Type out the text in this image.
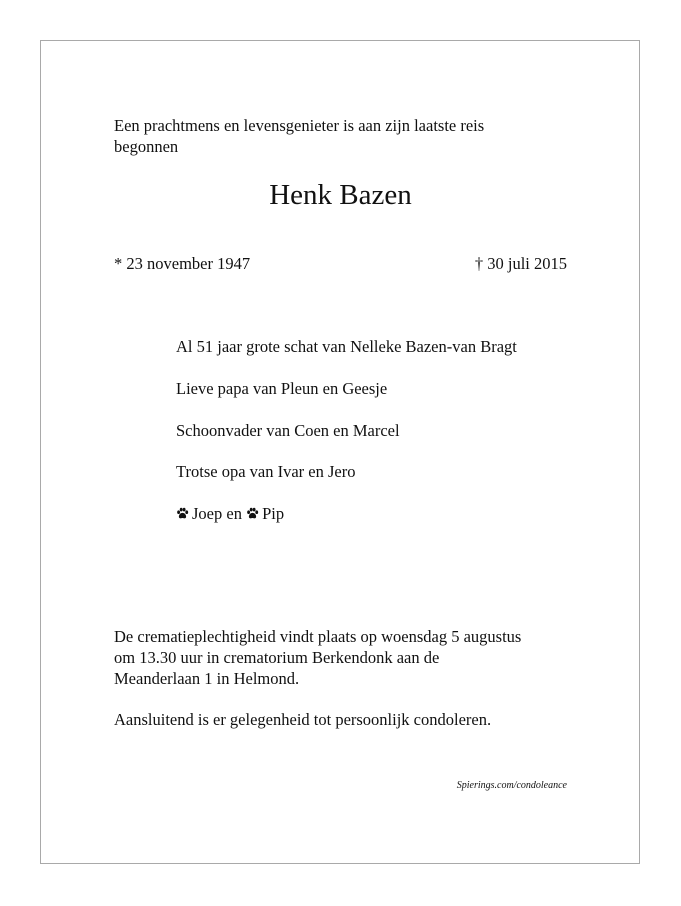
Een prachtmens en levensgenieter is aan zijn laatste reis
begonnen
Henk Bazen
* 23 november 1947	† 30 juli 2015
Al 51 jaar grote schat van Nelleke Bazen-van Bragt
Lieve papa van Pleun en Geesje
Schoonvader van Coen en Marcel
Trotse opa van Ivar en Jero
Joep en Pip
De crematieplechtigheid vindt plaats op woensdag 5 augustus
om 13.30 uur in crematorium Berkendonk aan de
Meanderlaan 1 in Helmond.
Aansluitend is er gelegenheid tot persoonlijk condoleren.
Spierings.com/condoleance
